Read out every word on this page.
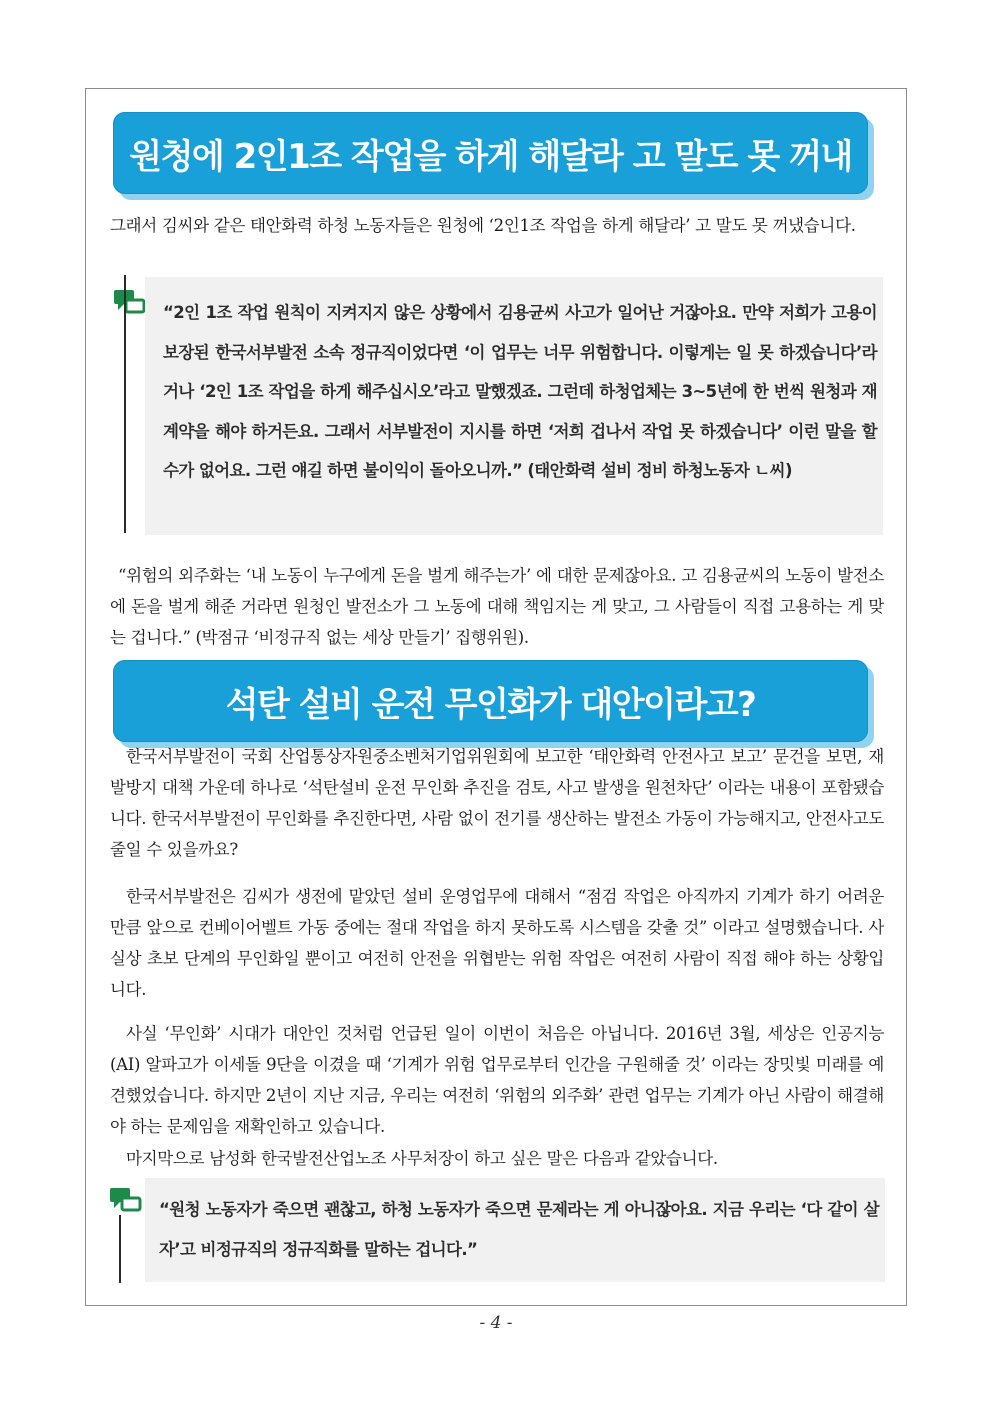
원청에 2인1조 작업을 하게 해달라 고 말도 못 꺼내

그래서 김씨와 같은 태안화력 하청 노동자들은 원청에 ‘2인1조 작업을 하게 해달라’ 고 말도 못 꺼냈습니다.

“2인 1조 작업 원칙이 지켜지지 않은 상황에서 김용균씨 사고가 일어난 거잖아요. 만약 저희가 고용이 보장된 한국서부발전 소속 정규직이었다면 ‘이 업무는 너무 위험합니다. 이렇게는 일 못 하겠습니다’라거나 ‘2인 1조 작업을 하게 해주십시오’라고 말했겠죠. 그런데 하청업체는 3~5년에 한 번씩 원청과 재계약을 해야 하거든요. 그래서 서부발전이 지시를 하면 ‘저희 겁나서 작업 못 하겠습니다’ 이런 말을 할 수가 없어요. 그런 얘길 하면 불이익이 돌아오니까.” (태안화력 설비 정비 하청노동자 ㄴ씨)

“위험의 외주화는 ‘내 노동이 누구에게 돈을 벌게 해주는가’ 에 대한 문제잖아요. 고 김용균씨의 노동이 발전소에 돈을 벌게 해준 거라면 원청인 발전소가 그 노동에 대해 책임지는 게 맞고, 그 사람들이 직접 고용하는 게 맞는 겁니다.” (박점규 ‘비정규직 없는 세상 만들기’ 집행위원).

석탄 설비 운전 무인화가 대안이라고?

한국서부발전이 국회 산업통상자원중소벤처기업위원회에 보고한 ‘태안화력 안전사고 보고’ 문건을 보면, 재발방지 대책 가운데 하나로 ‘석탄설비 운전 무인화 추진을 검토, 사고 발생을 원천차단’ 이라는 내용이 포함됐습니다. 한국서부발전이 무인화를 추진한다면, 사람 없이 전기를 생산하는 발전소 가동이 가능해지고, 안전사고도 줄일 수 있을까요?

한국서부발전은 김씨가 생전에 맡았던 설비 운영업무에 대해서 “점검 작업은 아직까지 기계가 하기 어려운 만큼 앞으로 컨베이어벨트 가동 중에는 절대 작업을 하지 못하도록 시스템을 갖출 것” 이라고 설명했습니다. 사실상 초보 단계의 무인화일 뿐이고 여전히 안전을 위협받는 위험 작업은 여전히 사람이 직접 해야 하는 상황입니다.

사실 ‘무인화’ 시대가 대안인 것처럼 언급된 일이 이번이 처음은 아닙니다. 2016년 3월, 세상은 인공지능(AI) 알파고가 이세돌 9단을 이겼을 때 ‘기계가 위험 업무로부터 인간을 구원해줄 것’ 이라는 장밋빛 미래를 예견했었습니다. 하지만 2년이 지난 지금, 우리는 여전히 ‘위험의 외주화’ 관련 업무는 기계가 아닌 사람이 해결해야 하는 문제임을 재확인하고 있습니다.

마지막으로 남성화 한국발전산업노조 사무처장이 하고 싶은 말은 다음과 같았습니다.

“원청 노동자가 죽으면 괜찮고, 하청 노동자가 죽으면 문제라는 게 아니잖아요. 지금 우리는 ‘다 같이 살자’고 비정규직의 정규직화를 말하는 겁니다.”
- 4 -
